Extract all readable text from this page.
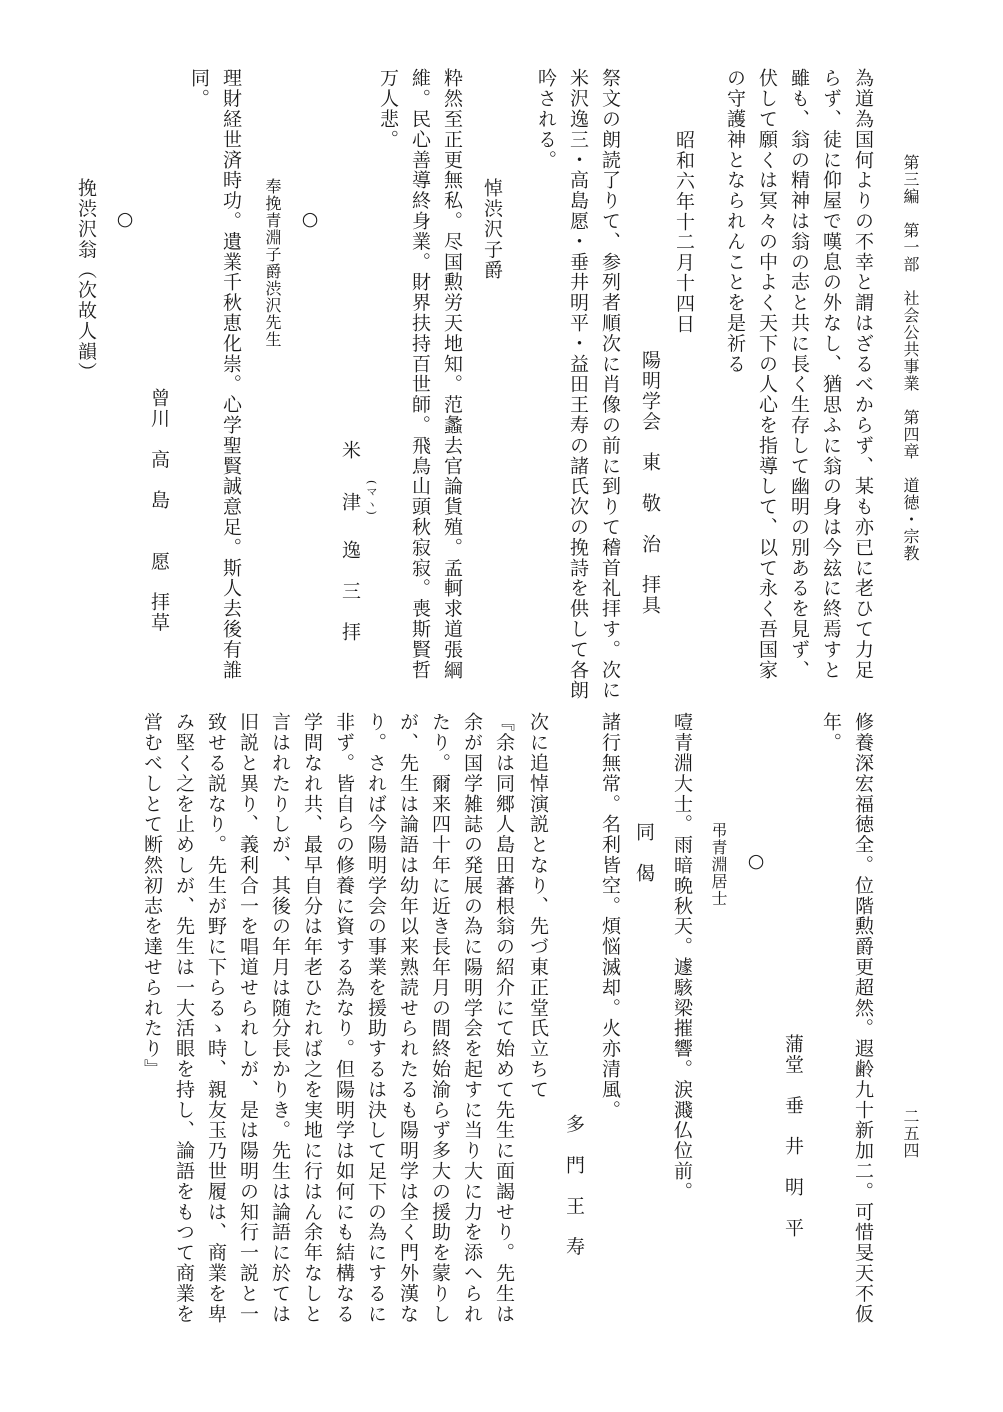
第三編　第一部　社会公共事業　第四章　道徳・宗教
二五四
為道為国何よりの不幸と謂はざるべからず、某も亦已に老ひて力足
らず、徒に仰屋で嘆息の外なし、猶思ふに翁の身は今玆に終焉すと
雖も、翁の精神は翁の志と共に長く生存して幽明の別あるを見ず、
伏して願くは冥々の中よく天下の人心を指導して、以て永く吾国家
の守護神となられんことを是祈る
昭和六年十二月十四日
陽明学会　東　敬　治　拝具
祭文の朗読了りて、参列者順次に肖像の前に到りて稽首礼拝す。次に
米沢逸三・高島愿・垂井明平・益田王寿の諸氏次の挽詩を供して各朗
吟される。
悼渋沢子爵
粋然至正更無私。尽国勲労天地知。范蠡去官論貨殖。孟軻求道張綱
維。民心善導終身業。財界扶持百世師。飛鳥山頭秋寂寂。喪斯賢哲
万人悲。
米
津 (マヽ)
逸　三　拝
○
奉挽青淵子爵渋沢先生
理財経世済時功。遺業千秋恵化崇。心学聖賢誠意足。斯人去後有誰
同。
曾川　高　島　　愿　拝草
○
挽渋沢翁（次故人韻）
修養深宏福徳全。位階勲爵更超然。遐齢九十新加二。可惜旻天不仮
年。
蒲堂　垂　井　明　平
○
弔青淵居士
噎青淵大士。雨暗晩秋天。遽駭梁摧響。涙濺仏位前。
同　偈
諸行無常。名利皆空。煩悩滅却。火亦清風。
多　門　王　寿
次に追悼演説となり、先づ東正堂氏立ちて
『余は同郷人島田蕃根翁の紹介にて始めて先生に面謁せり。先生は
余が国学雑誌の発展の為に陽明学会を起すに当り大に力を添へられ
たり。爾来四十年に近き長年月の間終始渝らず多大の援助を蒙りし
が、先生は論語は幼年以来熟読せられたるも陽明学は全く門外漢な
り。されば今陽明学会の事業を援助するは決して足下の為にするに
非ず。皆自らの修養に資する為なり。但陽明学は如何にも結構なる
学問なれ共、最早自分は年老ひたれば之を実地に行はん余年なしと
言はれたりしが、其後の年月は随分長かりき。先生は論語に於ては
旧説と異り、義利合一を唱道せられしが、是は陽明の知行一説と一
致せる説なり。先生が野に下らるゝ時、親友玉乃世履は、商業を卑
み堅く之を止めしが、先生は一大活眼を持し、論語をもつて商業を
営むべしとて断然初志を達せられたり』
